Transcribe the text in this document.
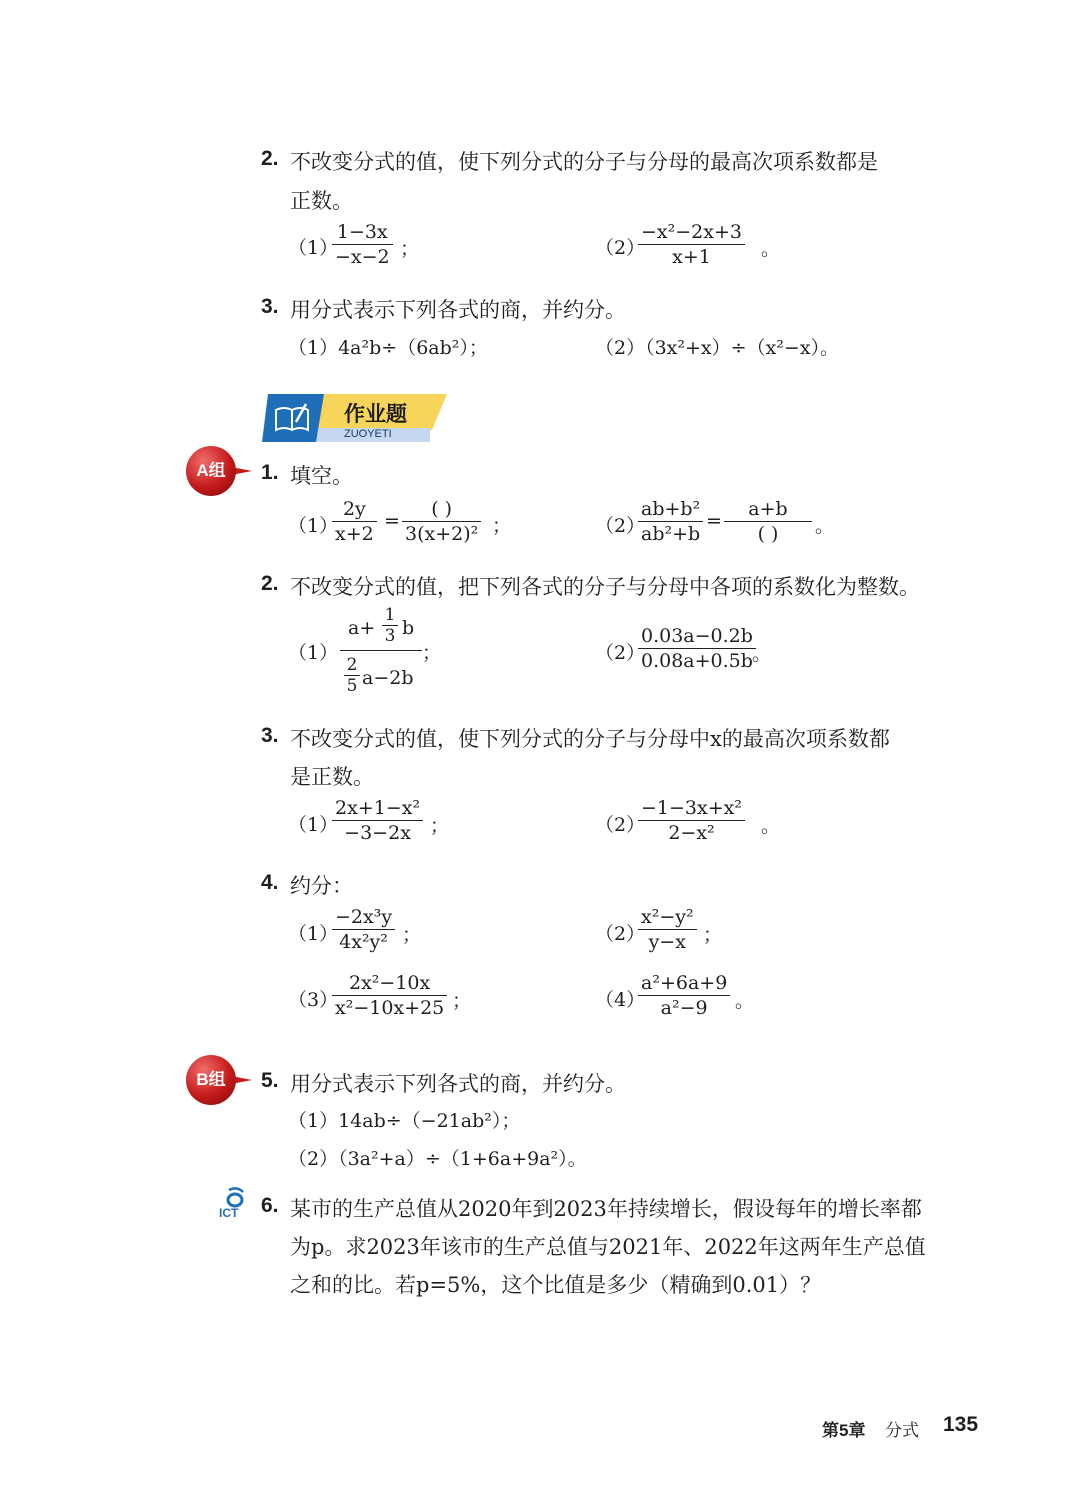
2. 不改变分式的值，使下列分式的分子与分母的最高次项系数都是
正数。
（1）
$\frac{1-3x}{-x-2}$ ；	（2）
$\frac{\text{−x²−2x+3}}{x+1}$ 。
3. 用分式表示下列各式的商，并约分。
（1）4a²b÷（6ab²）；	（2）（3x²+x）÷（x²−x）。
作业题
ZUOYETI
A组	1. 填空。
（1）
$\frac{2y}{x+2}$ =
( )
3(x+2)² ；	（2）
$\frac{\text{ab+b²}}{\text{ab²+b}}$ =
a+b
( )	。
2. 不改变分式的值，把下列各式的分子与分母中各项的系数化为整数。
（1）
$a+ \frac{1}{3}$ b
$\frac{2}{5} a-2b$
；	（2）
$\frac{0.03a-0.2b}{0.08a+0.5b}$
。
3. 不改变分式的值，使下列分式的分子与分母中x的最高次项系数都
是正数。
（1）
$\frac{\text{2x+1−x²}}{-3-2x}$ ；	（2）
$\frac{\text{−1−3x+x²}}{\text{2−x²}}$ 。
4. 约分：
（1）
$\frac{\text{−2x³y}}{\text{4x²y²}}$ ；	（2）
$\frac{\text{x²−y²}}{y-x}$ ；
（3）
$\frac{\text{2x²−10x}}{\text{x²−10x+25}}$ ；	（4）
$\frac{\text{a²+6a+9}}{\text{a²−9}}$ 。
B组	5. 用分式表示下列各式的商，并约分。
（1）14ab÷（−21ab²）；
（2）（3a²+a）÷（1+6a+9a²）。
ICT 6. 某市的生产总值从2020年到2023年持续增长，假设每年的增长率都
为p。求2023年该市的生产总值与2021年、2022年这两年生产总值
之和的比。若p=5%，这个比值是多少（精确到0.01）？
第5章 分式 135
